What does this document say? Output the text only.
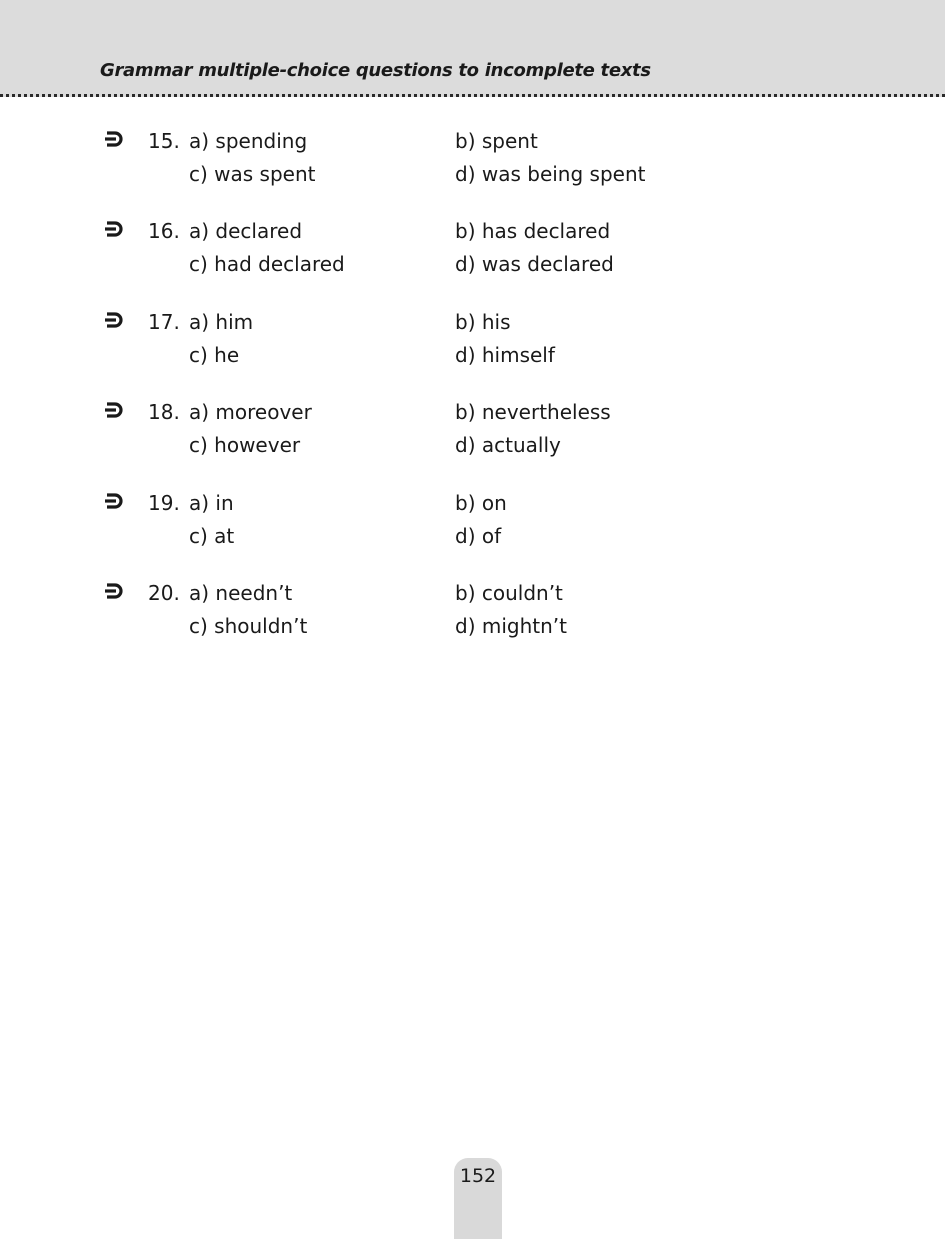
Grammar multiple-choice questions to incomplete texts
15. a) spending	b) spent
c) was spent	d) was being spent
16. a) declared	b) has declared
c) had declared	d) was declared
17. a) him	b) his
c) he	d) himself
18. a) moreover	b) nevertheless
c) however	d) actually
19. a) in	b) on
c) at	d) of
20. a) needn’t	b) couldn’t
c) shouldn’t	d) mightn’t
152
